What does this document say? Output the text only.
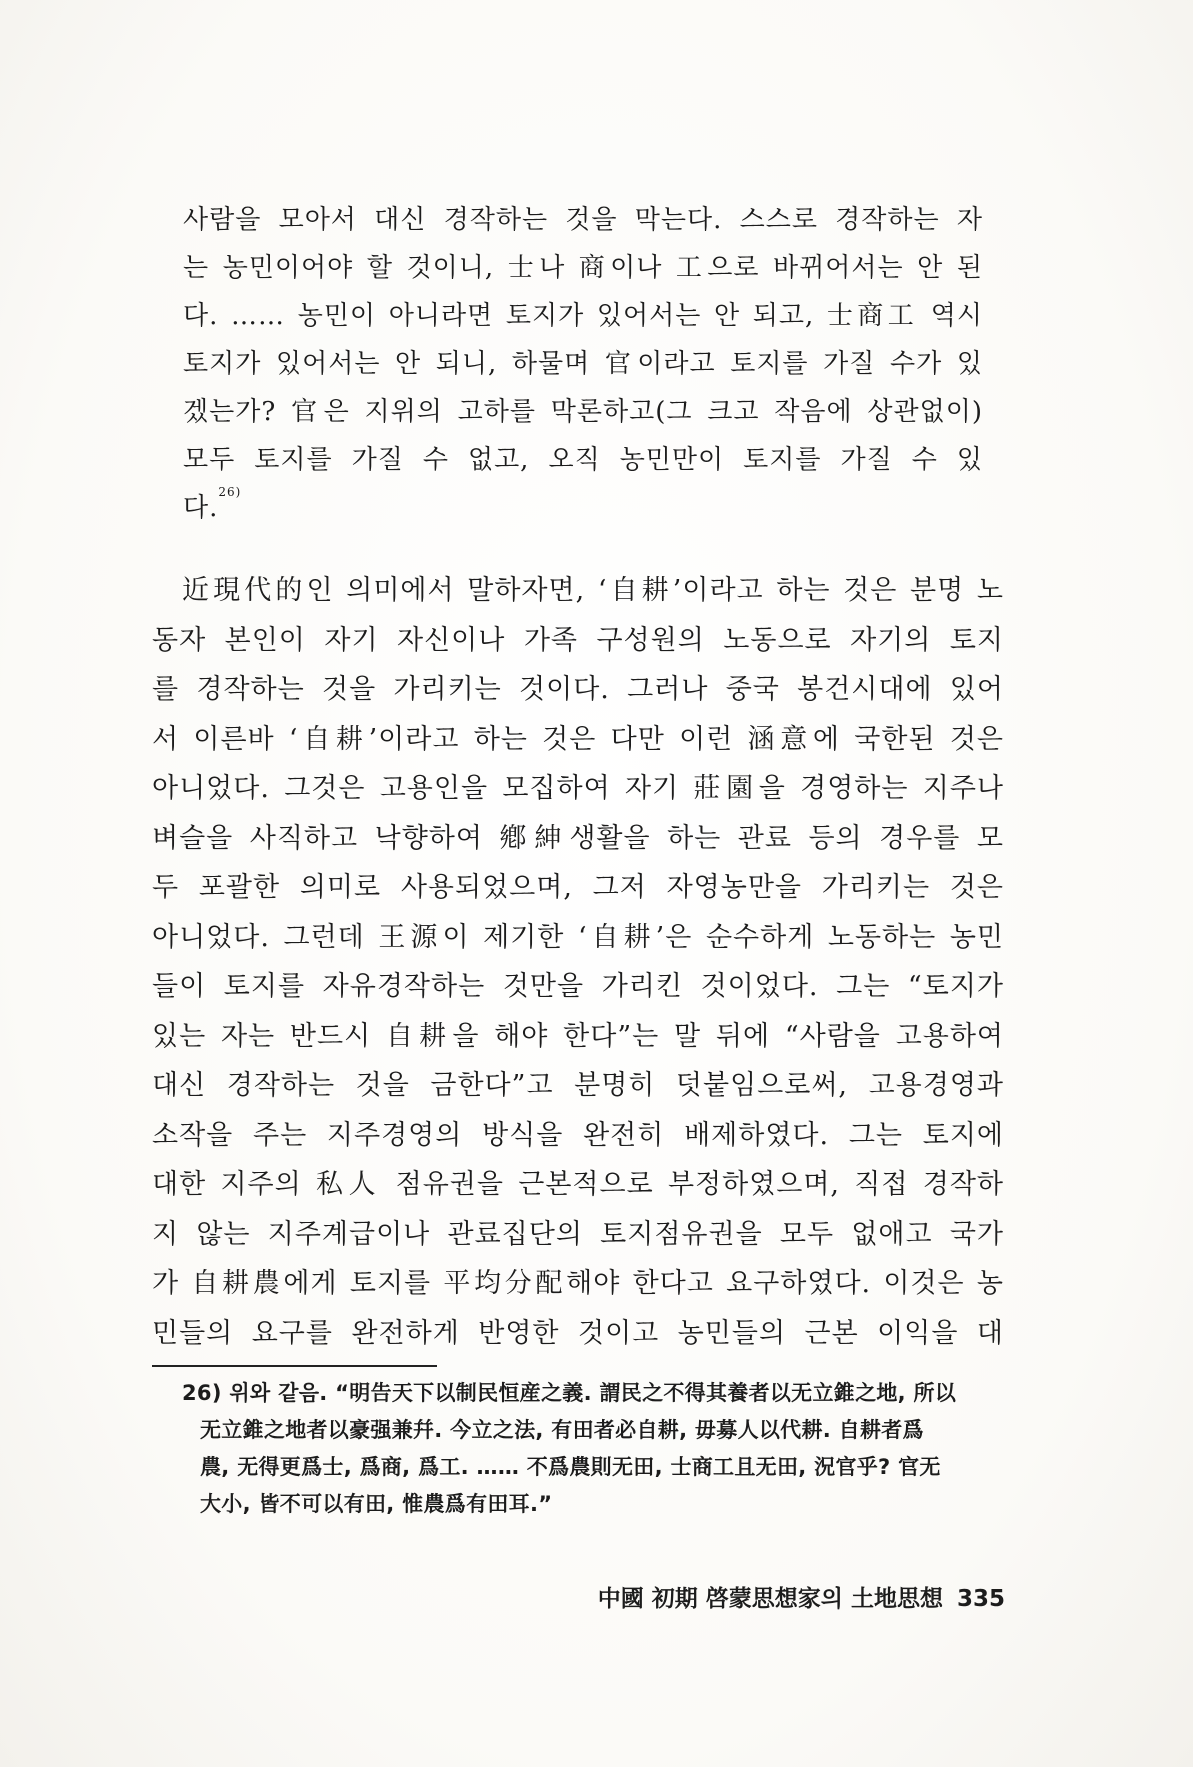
사람을 모아서 대신 경작하는 것을 막는다. 스스로 경작하는 자
는 농민이어야 할 것이니, 士나 商이나 工으로 바뀌어서는 안 된
다. …… 농민이 아니라면 토지가 있어서는 안 되고, 士商工 역시
토지가 있어서는 안 되니, 하물며 官이라고 토지를 가질 수가 있
겠는가? 官은 지위의 고하를 막론하고(그 크고 작음에 상관없이)
모두 토지를 가질 수 없고, 오직 농민만이 토지를 가질 수 있
다.$^{26)}$
近現代的인 의미에서 말하자면, ‘自耕’이라고 하는 것은 분명 노
동자 본인이 자기 자신이나 가족 구성원의 노동으로 자기의 토지
를 경작하는 것을 가리키는 것이다. 그러나 중국 봉건시대에 있어
서 이른바 ‘自耕’이라고 하는 것은 다만 이런 涵意에 국한된 것은
아니었다. 그것은 고용인을 모집하여 자기 莊園을 경영하는 지주나
벼슬을 사직하고 낙향하여 鄕紳생활을 하는 관료 등의 경우를 모
두 포괄한 의미로 사용되었으며, 그저 자영농만을 가리키는 것은
아니었다. 그런데 王源이 제기한 ‘自耕’은 순수하게 노동하는 농민
들이 토지를 자유경작하는 것만을 가리킨 것이었다. 그는 “토지가
있는 자는 반드시 自耕을 해야 한다”는 말 뒤에 “사람을 고용하여
대신 경작하는 것을 금한다”고 분명히 덧붙임으로써, 고용경영과
소작을 주는 지주경영의 방식을 완전히 배제하였다. 그는 토지에
대한 지주의 私人 점유권을 근본적으로 부정하였으며, 직접 경작하
지 않는 지주계급이나 관료집단의 토지점유권을 모두 없애고 국가
가 自耕農에게 토지를 平均分配해야 한다고 요구하였다. 이것은 농
민들의 요구를 완전하게 반영한 것이고 농민들의 근본 이익을 대
26) 위와 같음. “明告天下以制民恒産之義. 謂民之不得其養者以无立錐之地, 所以
无立錐之地者以豪强兼幷. 今立之法, 有田者必自耕, 毋募人以代耕. 自耕者爲
農, 无得更爲士, 爲商, 爲工. …… 不爲農則无田, 士商工且无田, 況官乎? 官无
大小, 皆不可以有田, 惟農爲有田耳.”
中國 初期 啓蒙思想家의 土地思想 335
